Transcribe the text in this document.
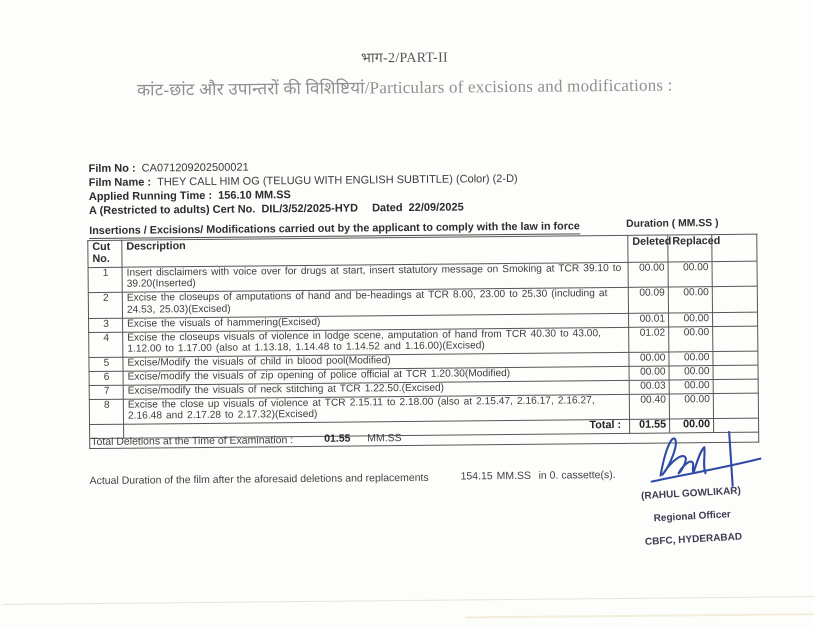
भाग-2/PART-II
कांट-छांट और उपान्तरों की विशिष्टियां/Particulars of excisions and modifications :
Film No : CA071209202500021
Film Name : THEY CALL HIM OG (TELUGU WITH ENGLISH SUBTITLE) (Color) (2-D)
Applied Running Time : 156.10 MM.SS
A (Restricted to adults) Cert No. DIL/3/52/2025-HYD Dated 22/09/2025
Insertions / Excisions/ Modifications carried out by the applicant to comply with the law in force	Duration ( MM.SS )
Cut No.	Description	Deleted	Replaced	
1	Insert disclaimers with voice over for drugs at start, insert statutory message on Smoking at TCR 39.10 to 39.20(Inserted)	00.00	00.00	
2	Excise the closeups of amputations of hand and be-headings at TCR 8.00, 23.00 to 25.30 (including at 24.53, 25.03)(Excised)	00.09	00.00	
3	Excise the visuals of hammering(Excised)	00.01	00.00	
4	Excise the closeups visuals of violence in lodge scene, amputation of hand from TCR 40.30 to 43.00, 1.12.00 to 1.17.00 (also at 1.13.18, 1.14.48 to 1.14.52 and 1.16.00)(Excised)	01.02	00.00	
5	Excise/Modify the visuals of child in blood pool(Modified)	00.00	00.00	
6	Excise/modify the visuals of zip opening of police official at TCR 1.20.30(Modified)	00.00	00.00	
7	Excise/modify the visuals of neck stitching at TCR 1.22.50.(Excised)	00.03	00.00	
8	Excise the close up visuals of violence at TCR 2.15.11 to 2.18.00 (also at 2.15.47, 2.16.17, 2.16.27, 2.16.48 and 2.17.28 to 2.17.32)(Excised)	00.40	00.00	
	Total :	01.55	00.00	

Total Deletions at the Time of Examination :	01.55 MM.SS
Actual Duration of the film after the aforesaid deletions and replacements	154.15 MM.SS in 0. cassette(s).
(RAHUL GOWLIKAR)
Regional Officer
CBFC, HYDERABAD
